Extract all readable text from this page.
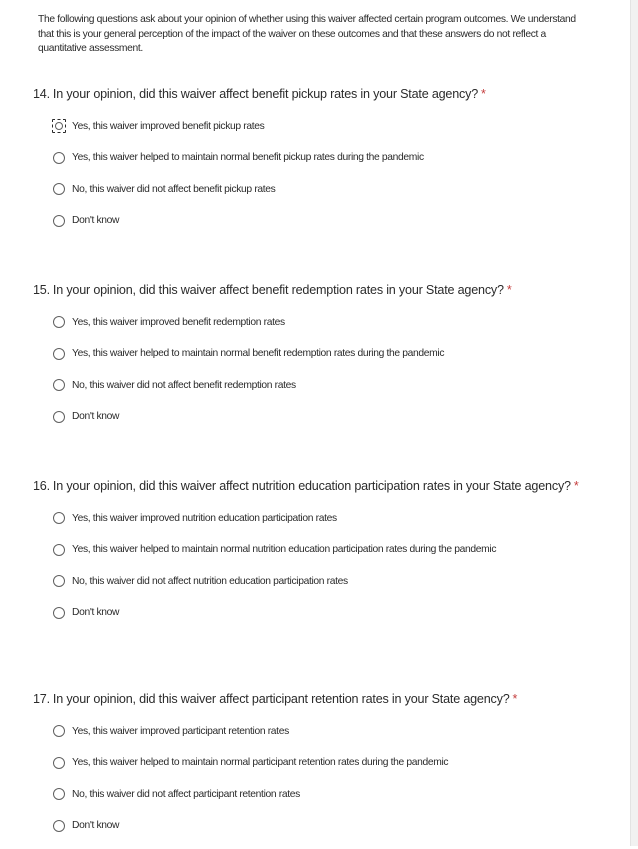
The following questions ask about your opinion of whether using this waiver affected certain program outcomes. We understand that this is your general perception of the impact of the waiver on these outcomes and that these answers do not reflect a quantitative assessment.
14. In your opinion, did this waiver affect benefit pickup rates in your State agency? *
Yes, this waiver improved benefit pickup rates
Yes, this waiver helped to maintain normal benefit pickup rates during the pandemic
No, this waiver did not affect benefit pickup rates
Don't know
15. In your opinion, did this waiver affect benefit redemption rates in your State agency? *
Yes, this waiver improved benefit redemption rates
Yes, this waiver helped to maintain normal benefit redemption rates during the pandemic
No, this waiver did not affect benefit redemption rates
Don't know
16. In your opinion, did this waiver affect nutrition education participation rates in your State agency? *
Yes, this waiver improved nutrition education participation rates
Yes, this waiver helped to maintain normal nutrition education participation rates during the pandemic
No, this waiver did not affect nutrition education participation rates
Don't know
17. In your opinion, did this waiver affect participant retention rates in your State agency? *
Yes, this waiver improved participant retention rates
Yes, this waiver helped to maintain normal participant retention rates during the pandemic
No, this waiver did not affect participant retention rates
Don't know
